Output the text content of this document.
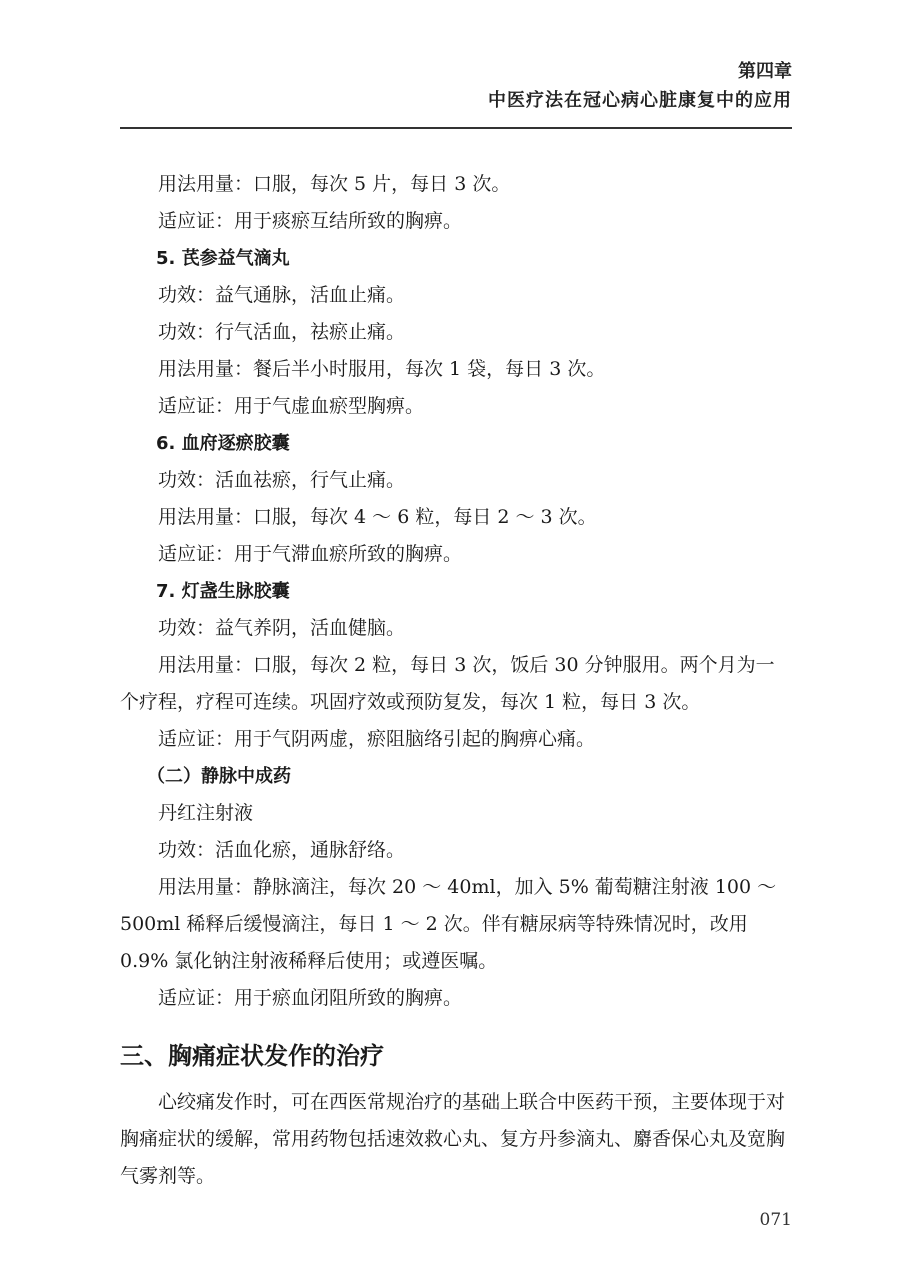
第四章
中医疗法在冠心病心脏康复中的应用

用法用量：口服，每次 5 片，每日 3 次。

适应证：用于痰瘀互结所致的胸痹。

5. 芪参益气滴丸

功效：益气通脉，活血止痛。

功效：行气活血，祛瘀止痛。

用法用量：餐后半小时服用，每次 1 袋，每日 3 次。

适应证：用于气虚血瘀型胸痹。

6. 血府逐瘀胶囊

功效：活血祛瘀，行气止痛。

用法用量：口服，每次 4 ～ 6 粒，每日 2 ～ 3 次。

适应证：用于气滞血瘀所致的胸痹。

7. 灯盏生脉胶囊

功效：益气养阴，活血健脑。

用法用量：口服，每次 2 粒，每日 3 次，饭后 30 分钟服用。两个月为一个疗程，疗程可连续。巩固疗效或预防复发，每次 1 粒，每日 3 次。

适应证：用于气阴两虚，瘀阻脑络引起的胸痹心痛。

（二）静脉中成药

丹红注射液

功效：活血化瘀，通脉舒络。

用法用量：静脉滴注，每次 20 ～ 40ml，加入 5% 葡萄糖注射液 100 ～ 500ml 稀释后缓慢滴注，每日 1 ～ 2 次。伴有糖尿病等特殊情况时，改用 0.9% 氯化钠注射液稀释后使用；或遵医嘱。

适应证：用于瘀血闭阻所致的胸痹。

三、胸痛症状发作的治疗

心绞痛发作时，可在西医常规治疗的基础上联合中医药干预，主要体现于对胸痛症状的缓解，常用药物包括速效救心丸、复方丹参滴丸、麝香保心丸及宽胸气雾剂等。

071
